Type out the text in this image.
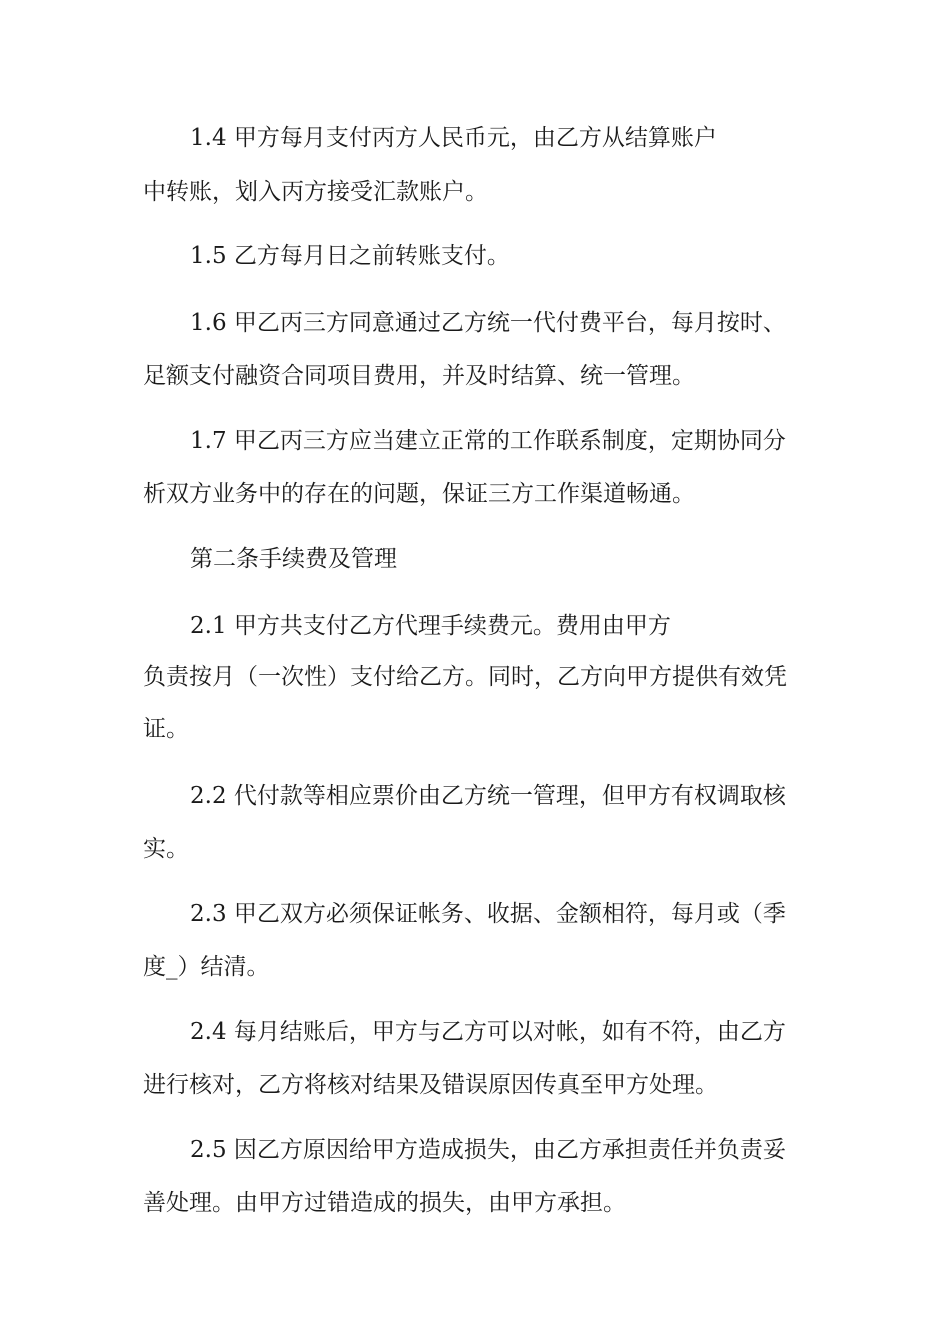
1.4 甲方每月支付丙方人民币元，由乙方从结算账户
中转账，划入丙方接受汇款账户。
1.5 乙方每月日之前转账支付。
1.6 甲乙丙三方同意通过乙方统一代付费平台，每月按时、
足额支付融资合同项目费用，并及时结算、统一管理。
1.7 甲乙丙三方应当建立正常的工作联系制度，定期协同分
析双方业务中的存在的问题，保证三方工作渠道畅通。
第二条手续费及管理
2.1 甲方共支付乙方代理手续费元。费用由甲方
负责按月（一次性）支付给乙方。同时，乙方向甲方提供有效凭
证。
2.2 代付款等相应票价由乙方统一管理，但甲方有权调取核
实。
2.3 甲乙双方必须保证帐务、收据、金额相符，每月或（季
度_）结清。
2.4 每月结账后，甲方与乙方可以对帐，如有不符，由乙方
进行核对，乙方将核对结果及错误原因传真至甲方处理。
2.5 因乙方原因给甲方造成损失，由乙方承担责任并负责妥
善处理。由甲方过错造成的损失，由甲方承担。
